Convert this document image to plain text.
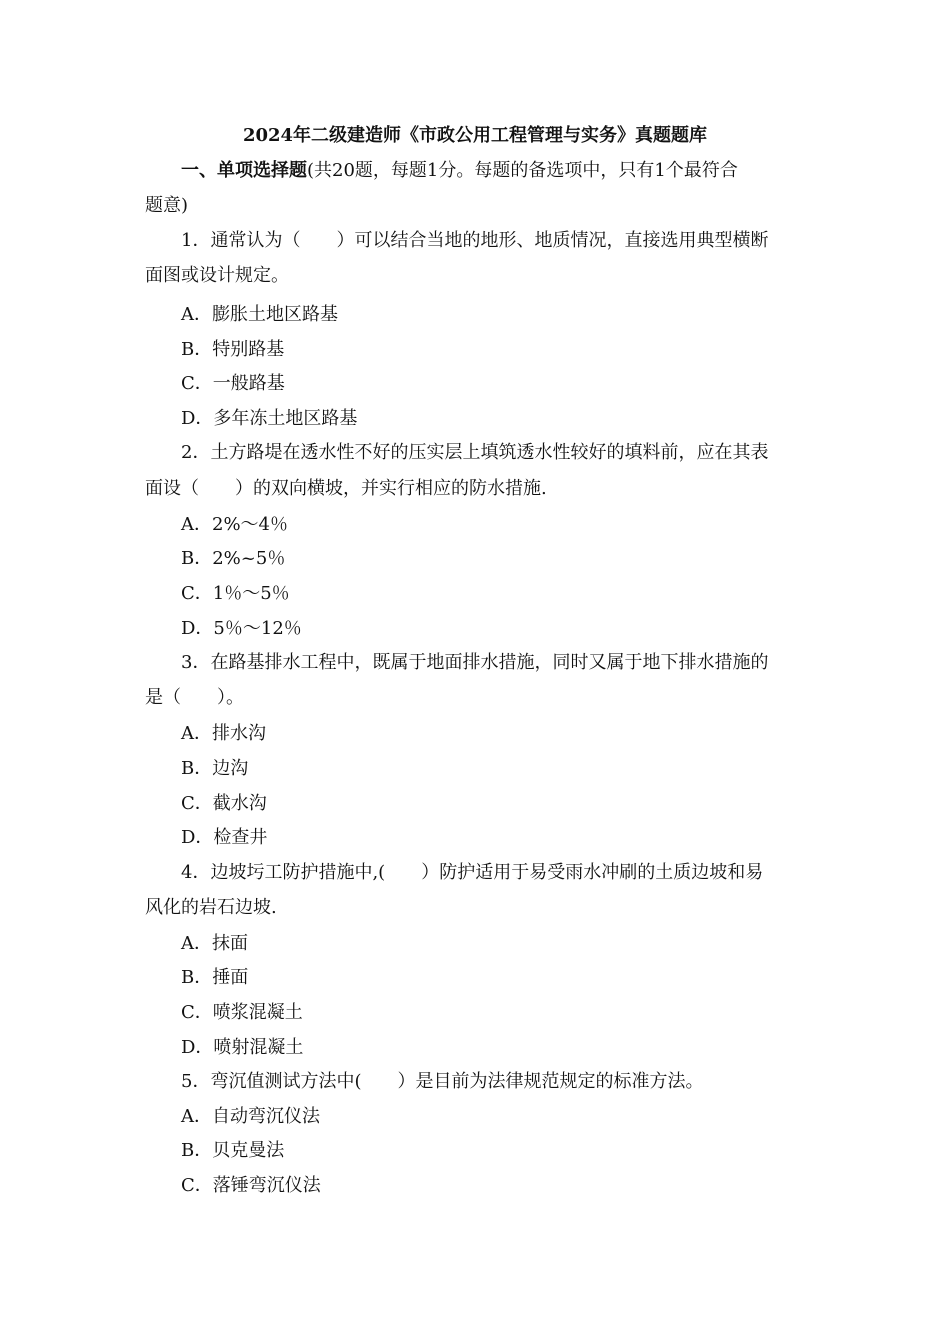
2024年二级建造师《市政公用工程管理与实务》真题题库
一、单项选择题(共20题，每题1分。每题的备选项中，只有1个最符合
题意)
1．通常认为（　　）可以结合当地的地形、地质情况，直接选用典型横断
面图或设计规定。
A．膨胀土地区路基
B．特别路基
C．一般路基
D．多年冻土地区路基
2．土方路堤在透水性不好的压实层上填筑透水性较好的填料前，应在其表
面设（　　）的双向横坡，并实行相应的防水措施.
A．2%～4％
B．2%~5％
C．1％～5％
D．5％～12％
3．在路基排水工程中，既属于地面排水措施，同时又属于地下排水措施的
是（　　）。
A．排水沟
B．边沟
C．截水沟
D．检查井
4．边坡圬工防护措施中,(　　）防护适用于易受雨水冲刷的土质边坡和易
风化的岩石边坡.
A．抹面
B．捶面
C．喷浆混凝土
D．喷射混凝土
5．弯沉值测试方法中(　　）是目前为法律规范规定的标准方法。
A．自动弯沉仪法
B．贝克曼法
C．落锤弯沉仪法
